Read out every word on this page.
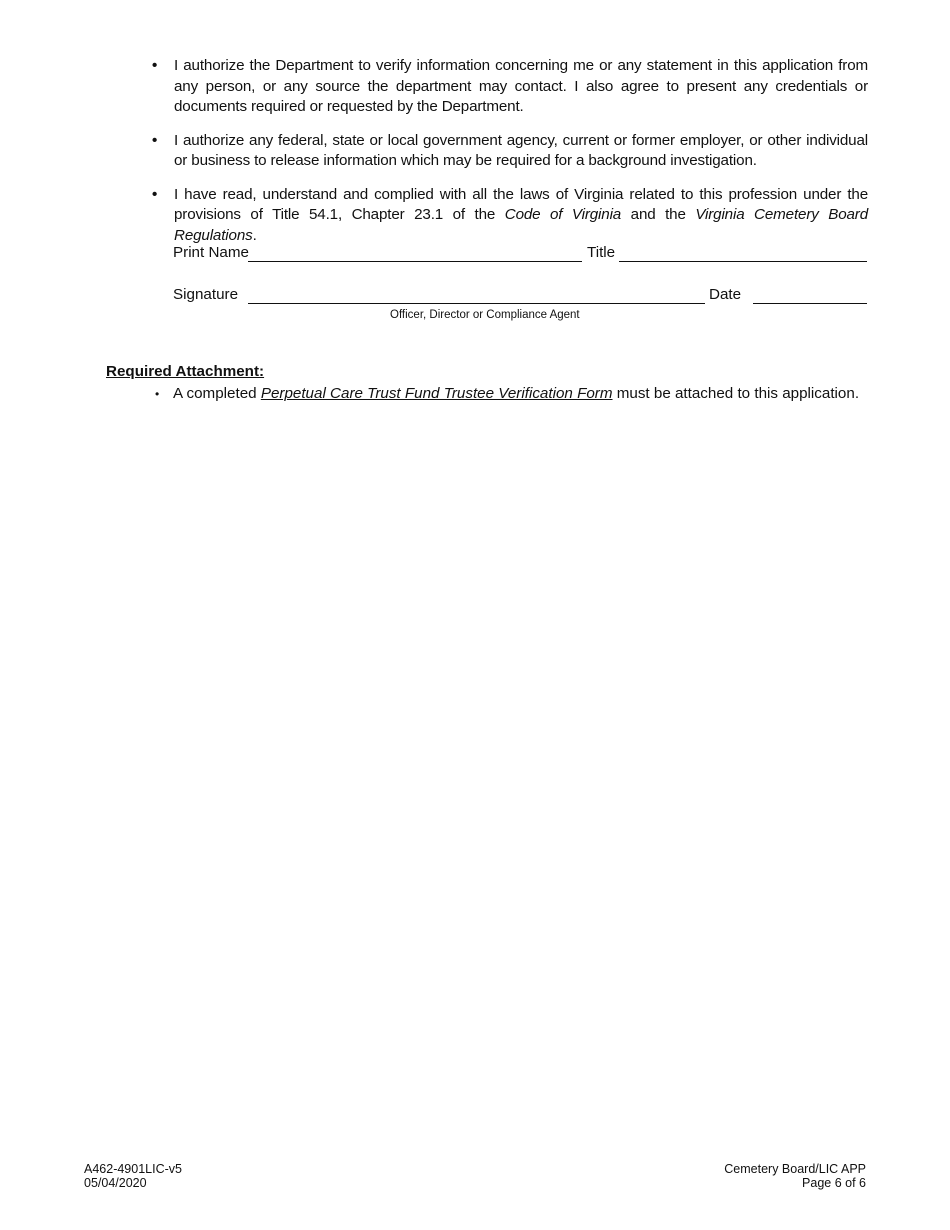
• I authorize the Department to verify information concerning me or any statement in this application from any person, or any source the department may contact. I also agree to present any credentials or documents required or requested by the Department.
• I authorize any federal, state or local government agency, current or former employer, or other individual or business to release information which may be required for a background investigation.
• I have read, understand and complied with all the laws of Virginia related to this profession under the provisions of Title 54.1, Chapter 23.1 of the Code of Virginia and the Virginia Cemetery Board Regulations.
Print Name	Title
Signature	Date
Officer, Director or Compliance Agent
Required Attachment:
• A completed Perpetual Care Trust Fund Trustee Verification Form must be attached to this application.
A462-4901LIC-v5
05/04/2020
Cemetery Board/LIC APP
Page 6 of 6
